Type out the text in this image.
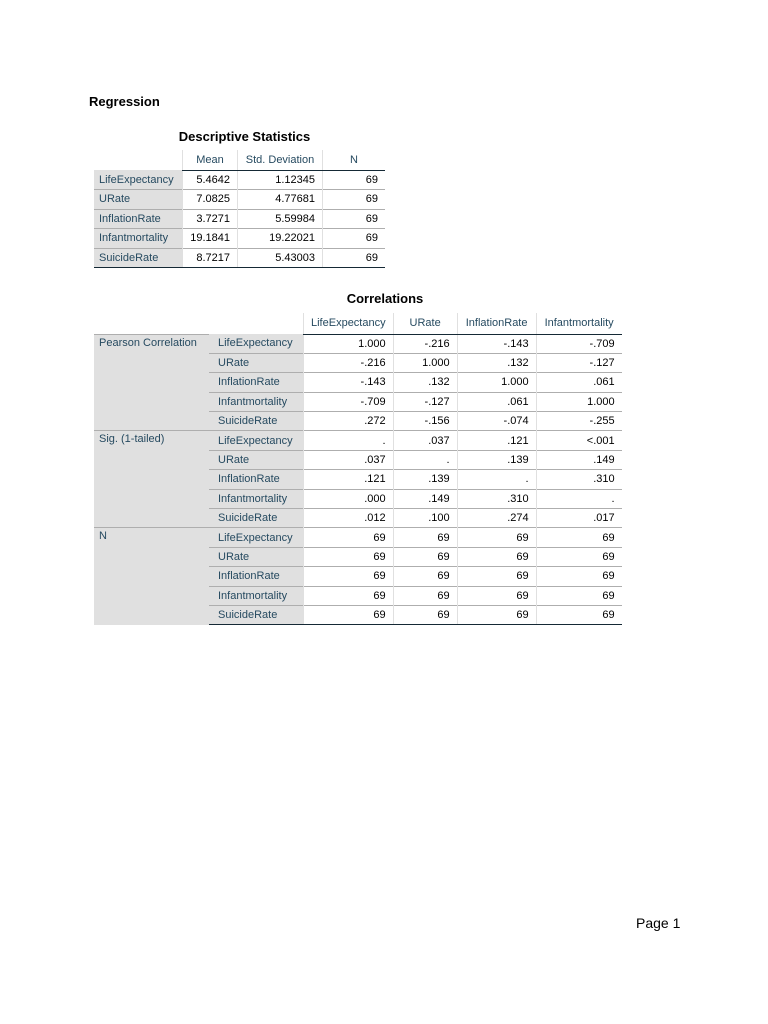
Regression
Descriptive Statistics
	Mean	Std. Deviation	N
LifeExpectancy	5.4642	1.12345	69
URate	7.0825	4.77681	69
InflationRate	3.7271	5.59984	69
Infantmortality	19.1841	19.22021	69
SuicideRate	8.7217	5.43003	69
Correlations
		LifeExpectancy	URate	InflationRate	Infantmortality
Pearson Correlation	LifeExpectancy	1.000	-.216	-.143	-.709
	URate	-.216	1.000	.132	-.127
	InflationRate	-.143	.132	1.000	.061
	Infantmortality	-.709	-.127	.061	1.000
	SuicideRate	.272	-.156	-.074	-.255
Sig. (1-tailed)	LifeExpectancy	.	.037	.121	<.001
	URate	.037	.	.139	.149
	InflationRate	.121	.139	.	.310
	Infantmortality	.000	.149	.310	.
	SuicideRate	.012	.100	.274	.017
N	LifeExpectancy	69	69	69	69
	URate	69	69	69	69
	InflationRate	69	69	69	69
	Infantmortality	69	69	69	69
	SuicideRate	69	69	69	69
Page 1
